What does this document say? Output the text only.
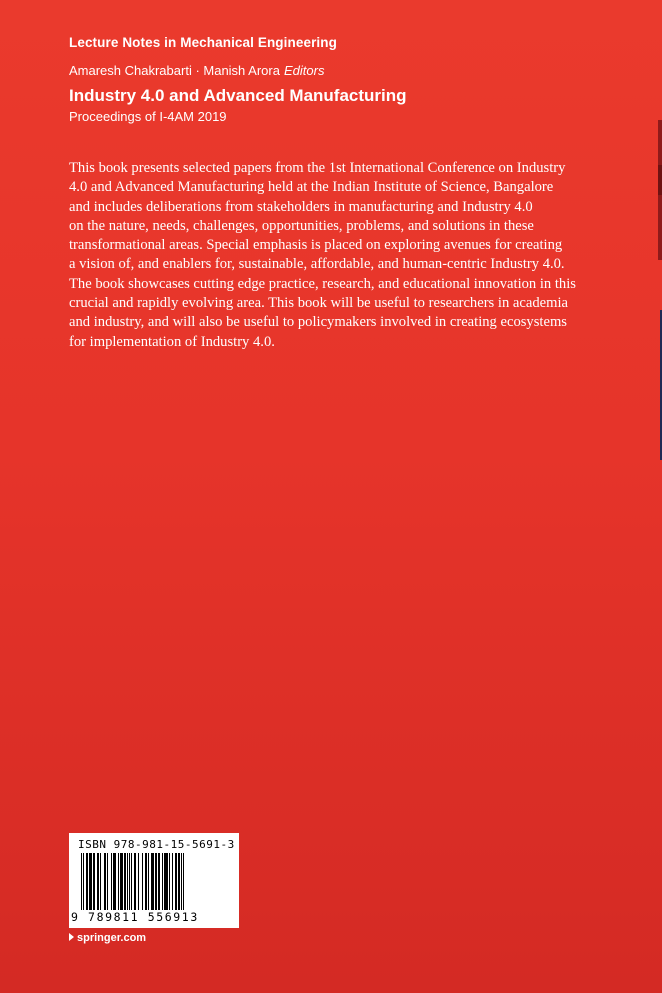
Lecture Notes in Mechanical Engineering
Amaresh Chakrabarti · Manish Arora Editors
Industry 4.0 and Advanced Manufacturing
Proceedings of I-4AM 2019

This book presents selected papers from the 1st International Conference on Industry
4.0 and Advanced Manufacturing held at the Indian Institute of Science, Bangalore
and includes deliberations from stakeholders in manufacturing and Industry 4.0
on the nature, needs, challenges, opportunities, problems, and solutions in these
transformational areas. Special emphasis is placed on exploring avenues for creating
a vision of, and enablers for, sustainable, affordable, and human-centric Industry 4.0.
The book showcases cutting edge practice, research, and educational innovation in this
crucial and rapidly evolving area. This book will be useful to researchers in academia
and industry, and will also be useful to policymakers involved in creating ecosystems
for implementation of Industry 4.0.

ISBN 978-981-15-5691-3
9 789811 556913
springer.com
